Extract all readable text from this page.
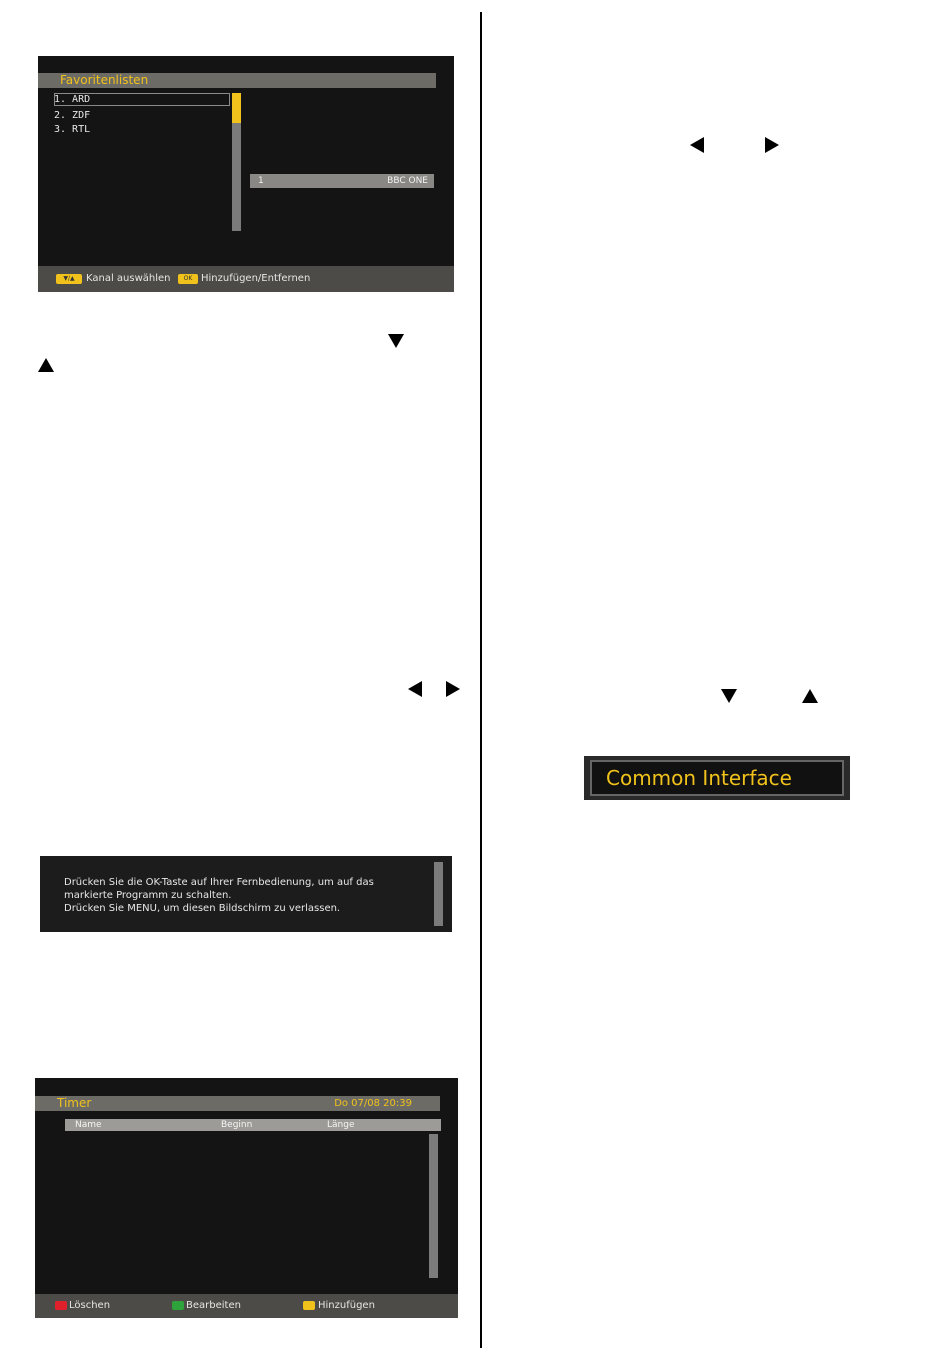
Favoritenlisten
1. ARD
2. ZDF
3. RTL
1	BBC ONE
▼/▲	Kanal auswählen	OK Hinzufügen/Entfernen
Drücken Sie die OK-Taste auf Ihrer Fernbedienung, um auf das
markierte Programm zu schalten.
Drücken Sie MENU, um diesen Bildschirm zu verlassen.
Timer	Do 07/08 20:39
Name	Beginn	Länge
Löschen	Bearbeiten	Hinzufügen
Common Interface
